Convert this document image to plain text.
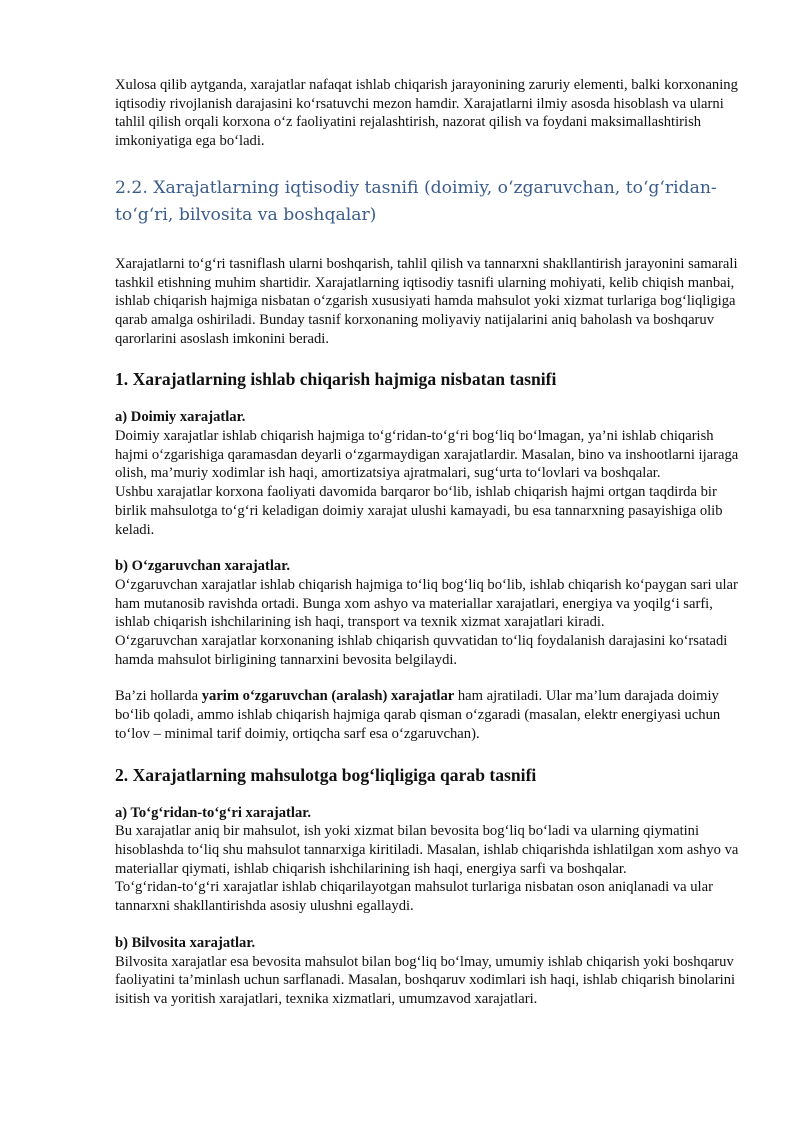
Xulosa qilib aytganda, xarajatlar nafaqat ishlab chiqarish jarayonining zaruriy elementi, balki korxonaning iqtisodiy rivojlanish darajasini ko‘rsatuvchi mezon hamdir. Xarajatlarni ilmiy asosda hisoblash va ularni tahlil qilish orqali korxona o‘z faoliyatini rejalashtirish, nazorat qilish va foydani maksimallashtirish imkoniyatiga ega bo‘ladi.

2.2. Xarajatlarning iqtisodiy tasnifi (doimiy, o‘zgaruvchan, to‘g‘ridan-to‘g‘ri, bilvosita va boshqalar)

Xarajatlarni to‘g‘ri tasniflash ularni boshqarish, tahlil qilish va tannarxni shakllantirish jarayonini samarali tashkil etishning muhim shartidir. Xarajatlarning iqtisodiy tasnifi ularning mohiyati, kelib chiqish manbai, ishlab chiqarish hajmiga nisbatan o‘zgarish xususiyati hamda mahsulot yoki xizmat turlariga bog‘liqligiga qarab amalga oshiriladi. Bunday tasnif korxonaning moliyaviy natijalarini aniq baholash va boshqaruv qarorlarini asoslash imkonini beradi.

1. Xarajatlarning ishlab chiqarish hajmiga nisbatan tasnifi

a) Doimiy xarajatlar.

Doimiy xarajatlar ishlab chiqarish hajmiga to‘g‘ridan-to‘g‘ri bog‘liq bo‘lmagan, ya’ni ishlab chiqarish hajmi o‘zgarishiga qaramasdan deyarli o‘zgarmaydigan xarajatlardir. Masalan, bino va inshootlarni ijaraga olish, ma’muriy xodimlar ish haqi, amortizatsiya ajratmalari, sug‘urta to‘lovlari va boshqalar.

Ushbu xarajatlar korxona faoliyati davomida barqaror bo‘lib, ishlab chiqarish hajmi ortgan taqdirda bir birlik mahsulotga to‘g‘ri keladigan doimiy xarajat ulushi kamayadi, bu esa tannarxning pasayishiga olib keladi.

b) O‘zgaruvchan xarajatlar.

O‘zgaruvchan xarajatlar ishlab chiqarish hajmiga to‘liq bog‘liq bo‘lib, ishlab chiqarish ko‘paygan sari ular ham mutanosib ravishda ortadi. Bunga xom ashyo va materiallar xarajatlari, energiya va yoqilg‘i sarfi, ishlab chiqarish ishchilarining ish haqi, transport va texnik xizmat xarajatlari kiradi.

O‘zgaruvchan xarajatlar korxonaning ishlab chiqarish quvvatidan to‘liq foydalanish darajasini ko‘rsatadi hamda mahsulot birligining tannarxini bevosita belgilaydi.

Ba’zi hollarda yarim o‘zgaruvchan (aralash) xarajatlar ham ajratiladi. Ular ma’lum darajada doimiy bo‘lib qoladi, ammo ishlab chiqarish hajmiga qarab qisman o‘zgaradi (masalan, elektr energiyasi uchun to‘lov – minimal tarif doimiy, ortiqcha sarf esa o‘zgaruvchan).

2. Xarajatlarning mahsulotga bog‘liqligiga qarab tasnifi

a) To‘g‘ridan-to‘g‘ri xarajatlar.

Bu xarajatlar aniq bir mahsulot, ish yoki xizmat bilan bevosita bog‘liq bo‘ladi va ularning qiymatini hisoblashda to‘liq shu mahsulot tannarxiga kiritiladi. Masalan, ishlab chiqarishda ishlatilgan xom ashyo va materiallar qiymati, ishlab chiqarish ishchilarining ish haqi, energiya sarfi va boshqalar.

To‘g‘ridan-to‘g‘ri xarajatlar ishlab chiqarilayotgan mahsulot turlariga nisbatan oson aniqlanadi va ular tannarxni shakllantirishda asosiy ulushni egallaydi.

b) Bilvosita xarajatlar.

Bilvosita xarajatlar esa bevosita mahsulot bilan bog‘liq bo‘lmay, umumiy ishlab chiqarish yoki boshqaruv faoliyatini ta’minlash uchun sarflanadi. Masalan, boshqaruv xodimlari ish haqi, ishlab chiqarish binolarini isitish va yoritish xarajatlari, texnika xizmatlari, umumzavod xarajatlari.
